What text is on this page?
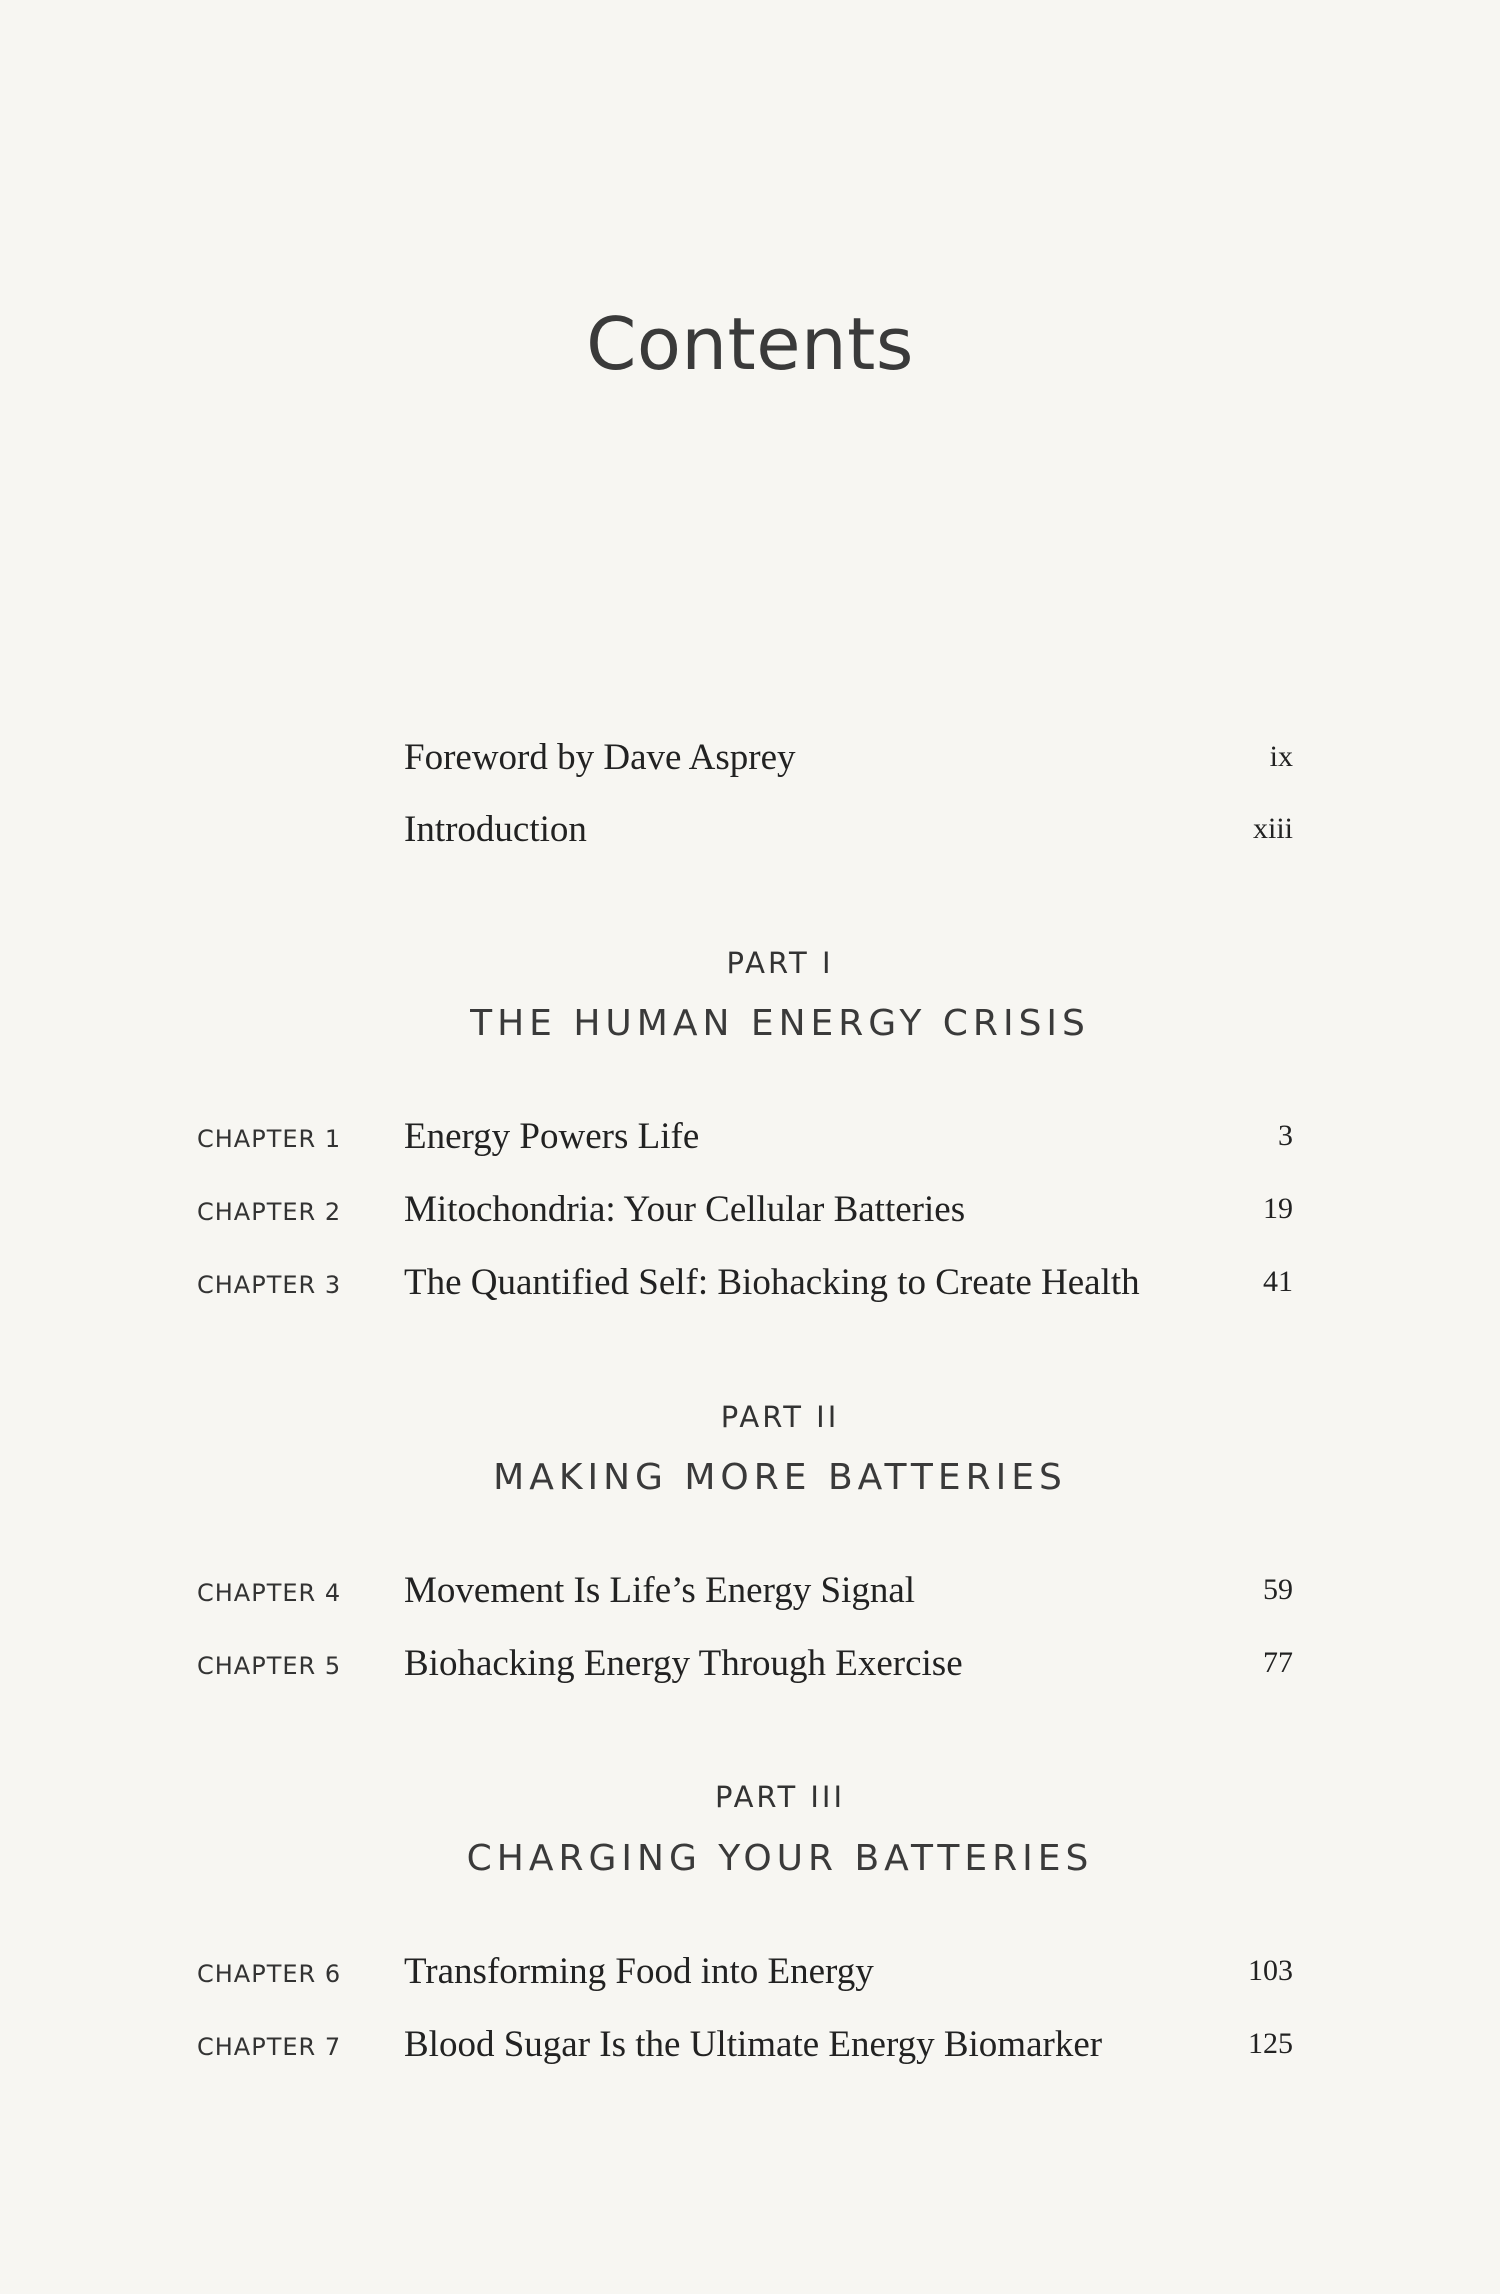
Contents
Foreword by Dave Asprey	ix
Introduction	xiii
PART I
THE HUMAN ENERGY CRISIS
CHAPTER 1 Energy Powers Life	3
CHAPTER 2 Mitochondria: Your Cellular Batteries	19
CHAPTER 3 The Quantified Self: Biohacking to Create Health	41
PART II
MAKING MORE BATTERIES
CHAPTER 4 Movement Is Life’s Energy Signal	59
CHAPTER 5 Biohacking Energy Through Exercise	77
PART III
CHARGING YOUR BATTERIES
CHAPTER 6 Transforming Food into Energy	103
CHAPTER 7 Blood Sugar Is the Ultimate Energy Biomarker	125
